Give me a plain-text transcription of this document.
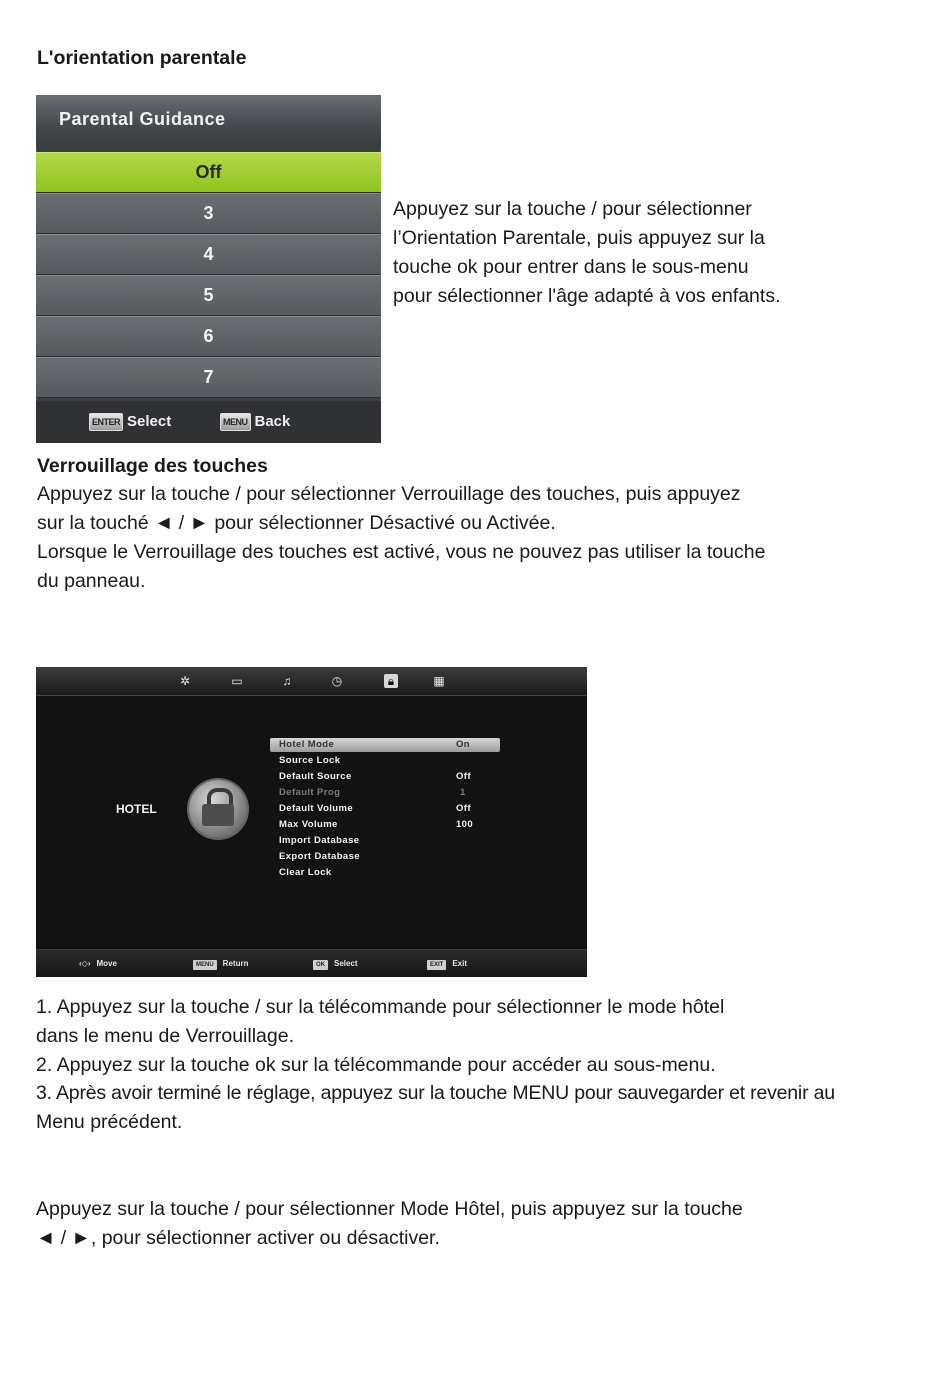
L'orientation parentale
Parental Guidance
Off
3
4
5
6
7
ENTER Select	MENU Back
Appuyez sur la touche / pour sélectionner
l’Orientation Parentale, puis appuyez sur la
touche ok pour entrer dans le sous-menu
pour sélectionner l'âge adapté à vos enfants.
Verrouillage des touches
Appuyez sur la touche / pour sélectionner Verrouillage des touches, puis appuyez
sur la touché ◄ / ► pour sélectionner Désactivé ou Activée.
Lorsque le Verrouillage des touches est activé, vous ne pouvez pas utiliser la touche
du panneau.
✲	▭	♫	◷	🔒︎	▦
HOTEL
Hotel Mode	On
Source Lock
Default Source	Off
Default Prog	1
Default Volume	Off
Max Volume	100
Import Database
Export Database
Clear Lock
‹◇› Move	MENU Return	OK Select	EXIT Exit
1. Appuyez sur la touche / sur la télécommande pour sélectionner le mode hôtel
dans le menu de Verrouillage.
2. Appuyez sur la touche ok sur la télécommande pour accéder au sous-menu.
3. Après avoir terminé le réglage, appuyez sur la touche MENU pour sauvegarder et revenir au
Menu précédent.
Appuyez sur la touche / pour sélectionner Mode Hôtel, puis appuyez sur la touche
◄ / ►, pour sélectionner activer ou désactiver.
